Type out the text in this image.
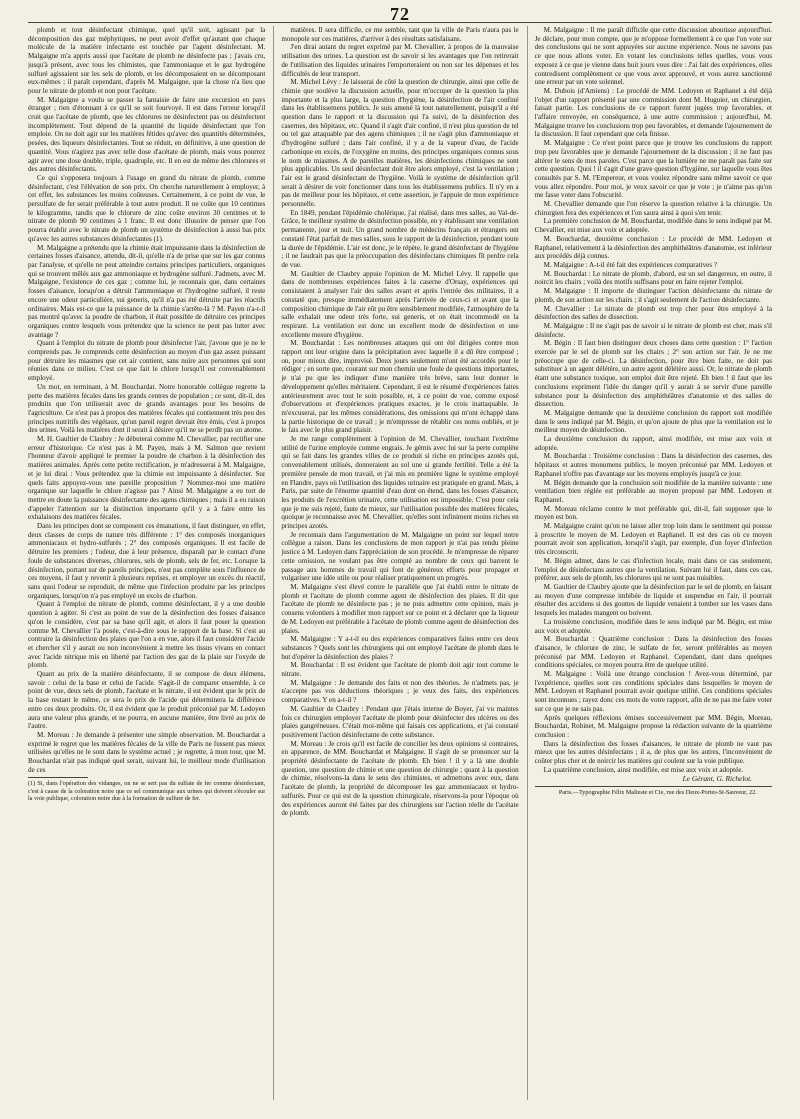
72

plomb et tout désinfectant chimique, quel qu'il soit, agissant par la décomposition des gaz méphytiques, ne peut avoir d'effet qu'autant que chaque molécule de la matière infectante est touchée par l'agent désinfectant. M. Malgaigne m'a appris aussi que l'acétate de plomb ne désinfecte pas ; j'avais cru, jusqu'à présent, avec tous les chimistes, que l'ammoniaque et le gaz hydrogène sulfuré agissaient sur les sels de plomb, et les décomposaient en se décomposant eux-mêmes ; il paraît cependant, d'après M. Malgaigne, que la chose n'a lieu que pour le nitrate de plomb et non pour l'acétate.

M. Malgaigne a voulu se passer la fantaisie de faire une excursion en pays étranger ; rien d'étonnant à ce qu'il se soit fourvoyé. Il est dans l'erreur lorsqu'il croit que l'acétate de plomb, que les chlorures ne désinfectent pas ou désinfectent incomplètement. Tout dépend de la quantité du liquide désinfectant que l'on emploie. On ne doit agir sur les matières fétides qu'avec des quantités déterminées, pesées, des liqueurs désinfectantes. Tout se réduit, en définitive, à une question de quantité. Vous n'agirez pas avec telle dose d'acétate de plomb, mais vous pourrez agir avec une dose double, triple, quadruple, etc. Il en est de même des chlorures et des autres désinfectants.

Ce qui s'opposera toujours à l'usage en grand du nitrate de plomb, comme désinfectant, c'est l'élévation de son prix. On cherche naturellement à employer, à cet effet, les substances les moins coûteuses. Certainement, à ce point de vue, le persulfate de fer serait préférable à tout autre produit. Il ne coûte que 10 centimes le kilogramme, tandis que le chlorure de zinc coûte environ 30 centimes et le nitrate de plomb 90 centimes à 1 franc. Il est donc illusoire de penser que l'on pourra établir avec le nitrate de plomb un système de désinfection à aussi bas prix qu'avec les autres substances désinfectantes (1).

M. Malgaigne a prétendu que la chimie était impuissante dans la désinfection de certaines fosses d'aisance, attendu, dit-il, qu'elle n'a de prise que sur les gaz connus par l'analyse, et qu'elle ne peut atteindre certains principes particuliers, organiques qui se trouvent mêlés aux gaz ammoniaque et hydrogène sulfuré. J'admets, avec M. Malgaigne, l'existence de ces gaz ; comme lui, je reconnais que, dans certaines fosses d'aisance, lorsqu'on a détruit l'ammoniaque et l'hydrogène sulfuré, il reste encore une odeur particulière, sui generis, qu'il n'a pas été détruite par les réactifs ordinaires. Mais est-ce que la puissance de la chimie s'arrête-là ? M. Payen n'a-t-il pas montré qu'avec la poudre de charbon, il était possible de détruire ces principes organiques contre lesquels vous prétendez que la science ne peut pas lutter avec avantage ?

Quant à l'emploi du nitrate de plomb pour désinfecter l'air, j'avoue que je ne le comprends pas. Je comprends cette désinfection au moyen d'un gaz assez puissant pour détruire les miasmes que cet air contient, sans nuire aux personnes qui sont réunies dans ce milieu. C'est ce que fait le chlore lorsqu'il est convenablement employé.

Un mot, en terminant, à M. Bouchardat. Notre honorable collègue regrette la perte des matières fécales dans les grands centres de population ; ce sont, dit-il, des produits que l'on utiliserait avec de grands avantages pour les besoins de l'agriculture. Ce n'est pas à propos des matières fécales qui contiennent très peu des principes nutritifs des végétaux, qu'un pareil regret devrait être émis, c'est à propos des urines. Voilà les matières dont il serait à désirer qu'il ne se perdît pas un atome.

M. H. Gaultier de Claubry : Je débuterai comme M. Chevallier, par rectifier une erreur d'historique. Ce n'est pas à M. Payen, mais à M. Salmon que revient l'honneur d'avoir appliqué le premier la poudre de charbon à la désinfection des matières animales. Après cette petite rectification, je m'adresserai à M. Malgaigne, et je lui dirai : Vous prétendez que la chimie est impuissante à désinfecter. Sur quels faits appuyez-vous une pareille proposition ? Nommez-moi une matière organique sur laquelle le chlore n'agisse pas ? Ainsi M. Malgaigne a eu tort de mettre en doute la puissance désinfectante des agens chimiques ; mais il a eu raison d'appeler l'attention sur la distinction importante qu'il y a à faire entre les exhalaisons des matières fécales.

Dans les principes dont se composent ces émanations, il faut distinguer, en effet, deux classes de corps de nature très différente : 1° des composés inorganiques ammoniacaux et hydro-sulfurés ; 2° des composés organiques. Il est facile de détruire les premiers ; l'odeur, due à leur présence, disparaît par le contact d'une foule de substances diverses, chlorures, sels de plomb, sels de fer, etc. Lorsque la désinfection, portant sur de pareils principes, n'est pas complète sous l'influence de ces moyens, il faut y revenir à plusieurs reprises, et employer un excès du réactif, sans quoi l'odeur se reproduit, de même que l'infection produite par les principes organiques, lorsqu'on n'a pas employé un excès de charbon.

Quant à l'emploi du nitrate de plomb, comme désinfectant, il y a une double question à agiter. Si c'est au point de vue de la désinfection des fosses d'aisance qu'on le considère, c'est par sa base qu'il agit, et alors il faut poser la question comme M. Chevallier l'a posée, c'est-à-dire sous le rapport de la base. Si c'est au contraire la désinfection des plaies que l'on a en vue, alors il faut considérer l'acide et chercher s'il y aurait ou non inconvénient à mettre les tissus vivans en contact avec l'acide nitrique mis en liberté par l'action des gaz de la plaie sur l'oxyde de plomb.

Quant au prix de la matière désinfectante, il se compose de deux élémens, savoir : celui de la base et celui de l'acide. S'agit-il de comparer ensemble, à ce point de vue, deux sels de plomb, l'acétate et le nitrate, il est évident que le prix de la base restant le même, ce sera le prix de l'acide qui déterminera la différence entre ces deux produits. Or, il est évident que le produit préconisé par M. Ledoyen aura une valeur plus grande, et ne pourra, en aucune manière, être livré au prix de l'autre.

M. Moreau : Je demande à présenter une simple observation. M. Bouchardat a exprimé le regret que les matières fécales de la ville de Paris ne fussent pas mieux utilisées qu'elles ne le sont dans le système actuel ; je regrette, à mon tour, que M. Bouchardat n'ait pas indiqué quel serait, suivant lui, le meilleur mode d'utilisation de ces

(1) Si, dans l'opération des vidanges, on ne se sert pas du sulfate de fer comme désinfectant, c'est à cause de la coloration noire que ce sel communique aux urines qui doivent s'écouler sur la voie publique, coloration noire due à la formation de sulfure de fer.

matières. Il sera difficile, ce me semble, tant que la ville de Paris n'aura pas le monopole sur ces matières, d'arriver à des résultats satisfaisans.

J'en dirai autant du regret exprimé par M. Chevallier, à propos de la mauvaise utilisation des urines. La question est de savoir si les avantages que l'on retirerait de l'utilisation des liquides urinaires l'emporteraient ou non sur les dépenses et les difficultés de leur transport.

M. Michel Lévy : Je laisserai de côté la question de chirurgie, ainsi que celle de chimie que soulève la discussion actuelle, pour m'occuper de la question la plus importante et la plus large, la question d'hygiène, la désinfection de l'air confiné dans les établissemens publics. Je suis amené là tout naturellement, puisqu'il a été question dans le rapport et la discussion qui l'a suivi, de la désinfection des casernes, des hôpitaux, etc. Quand il s'agit d'air confiné, il n'est plus question de tel ou tel gaz attaquable par des agens chimiques ; il ne s'agit plus d'ammoniaque et d'hydrogène sulfuré ; dans l'air confiné, il y a de la vapeur d'eau, de l'acide carbonique en excès, de l'oxygène en moins, des principes organiques connus sous le nom de miasmes. A de pareilles matières, les désinfections chimiques ne sont plus applicables. Un seul désinfectant doit être alors employé, c'est la ventilation ; l'air est le grand désinfectant de l'hygiène. Voilà le système de désinfection qu'il serait à désirer de voir fonctionner dans tous les établissemens publics. Il n'y en a pas de meilleur pour les hôpitaux, et cette assertion, je l'appuie de mon expérience personnelle.

En 1849, pendant l'épidémie cholérique, j'ai réalisé, dans mes salles, au Val-de-Grâce, le meilleur système de désinfection possible, en y établissant une ventilation permanente, jour et nuit. Un grand nombre de médecins français et étrangers ont constaté l'état parfait de mes salles, sous le rapport de la désinfection, pendant toute la durée de l'épidémie. L'air est donc, je le répète, le grand désinfectant de l'hygiène ; il ne faudrait pas que la préoccupation des désinfectans chimiques fît perdre cela de vue.

M. Gaultier de Claubry appuie l'opinion de M. Michel Lévy. Il rappelle que dans de nombreuses expériences faites à la caserne d'Orsay, expériences qui consistaient à analyser l'air des salles avant et après l'entrée des militaires, il a constaté que, presque immédiatement après l'arrivée de ceux-ci et avant que la composition chimique de l'air eût pu être sensiblement modifiée, l'atmosphère de la salle exhalait une odeur très forte, sui generis, et on était incommodé en la respirant. La ventilation est donc un excellent mode de désinfection et une excellente mesure d'hygiène.

M. Bouchardat : Les nombreuses attaques qui ont été dirigées contre mon rapport ont leur origine dans la précipitation avec laquelle il a dû être composé ; on, pour mieux dire, improvisé. Deux jours seulement m'ont été accordés pour le rédiger ; en sorte que, courant sur mon chemin une foule de questions importantes, je n'ai pu que les indiquer d'une manière très brève, sans leur donner le développement qu'elles méritaient. Cependant, il est le résumé d'expériences faites antérieurement avec tout le soin possible, et, à ce point de vue, comme exposé d'observations et d'expériences pratiques exactes, je le crois inattaquable. Je m'excuserai, par les mêmes considérations, des omissions qui m'ont échappé dans la partie historique de ce travail ; je m'empresse de rétablir ces noms oubliés, et je le fais avec le plus grand plaisir.

Je me range complètement à l'opinion de M. Chevallier, touchant l'extrême utilité de l'urine employée comme engrais. Je gémis avec lui sur la perte complète qui se fait dans les grandes villes de ce produit si riche en principes azotés qui, convenablement utilisés, donneraient au sol une si grande fertilité. Telle a été la première pensée de mon travail, et j'ai mis en première ligne le système employé en Flandre, pays où l'utilisation des liquides urinaire est pratiquée en grand. Mais, à Paris, par suite de l'énorme quantité d'eau dont on étend, dans les fosses d'aisance, les produits de l'excrétion urinaire, cette utilisation est impossible. C'est pour cela que je me suis rejeté, faute de mieux, sur l'utilisation possible des matières fécales, quoique je reconnaisse avec M. Chevallier, qu'elles sont infiniment moins riches en principes azotés.

Je reconnais dans l'argumentation de M. Malgaigne un point sur lequel notre collègue a raison. Dans les conclusions de mon rapport je n'ai pas rendu pleine justice à M. Ledoyen dans l'appréciation de son procédé. Je m'empresse de réparer cette omission, ne voulant pas être compté au nombre de ceux qui barrent le passage aux hommes de travail qui font de généreux efforts pour propager et vulgariser une idée utile ou pour réaliser pratiquement un progrès.

M. Malgaigne s'est élevé contre le parallèle que j'ai établi entre le nitrate de plomb et l'acétate de plomb comme agent de désinfection des plaies. Il dit que l'acétate de plomb ne désinfecte pas ; je ne puis admettre cette opinion, mais je consens volontiers à modifier mon rapport sur ce point et à déclarer que la liqueur de M. Ledoyen est préférable à l'acétate de plomb comme agent de désinfection des plaies.

M. Malgaigne : Y a-t-il eu des expériences comparatives faites entre ces deux substances ? Quels sont les chirurgiens qui ont employé l'acétate de plomb dans le but d'opérer la désinfection des plaies ?

M. Bouchardat : Il est évident que l'acétate de plomb doit agir tout comme le nitrate.

M. Malgaigne : Je demande des faits et non des théories. Je n'admets pas, je n'accepte pas vos déductions théoriques ; je veux des faits, des expériences comparatives. Y en a-t-il ?

M. Gaultier de Claubry : Pendant que j'étais interne de Boyer, j'ai vu maintes fois ce chirurgien employer l'acétate de plomb pour désinfecter des ulcères ou des plaies gangréneuses. C'était moi-même qui faisais ces applications, et j'ai constaté positivement l'action désinfectante de cette substance.

M. Moreau : Je crois qu'il est facile de concilier les deux opinions si contraires, en apparence, de MM. Bouchardat et Malgaigne. Il s'agit de se prononcer sur la propriété désinfectante de l'acétate de plomb. Eh bien ! il y a là une double question, une question de chimie et une question de chirurgie ; quant à la question de chimie, résolvons-la dans le sens des chimistes, et admettons avec eux, dans l'acétate de plomb, la propriété de décomposer les gaz ammoniacaux et hydro-sulfurés. Pour ce qui est de la question chirurgicale, réservons-la pour l'époque où des expériences auront été faites par des chirurgiens sur l'action réelle de l'acétate de plomb.

M. Malgaigne : Il me paraît difficile que cette discussion aboutisse aujourd'hui. Je déclare, pour mon compte, que je m'oppose formellement à ce que l'on vote sur des conclusions qui ne sont appuyées sur aucune expérience. Nous ne savons pas ce que nous allons voter. En votant les conclusions telles quelles, vous vous exposez à ce que je vienne dans huit jours vous dire : J'ai fait des expériences, elles contredisent complètement ce que vous avez approuvé, et vous aurez sanctionné une erreur par un vote solennel.

M. Dubois (d'Amiens) : Le procédé de MM. Ledoyen et Raphanel a été déjà l'objet d'un rapport présenté par une commission dont M. Huguier, un chirurgien, faisait partie. Les conclusions de ce rapport furent jugées trop favorables, et l'affaire renvoyée, en conséquence, à une autre commission ; aujourd'hui, M. Malgaigne trouve les conclusions trop peu favorables, et demande l'ajournement de la discussion. Il faut cependant que cela finisse.

M. Malgaigne : Ce n'est point parce que je trouve les conclusions du rapport trop peu favorables que je demande l'ajournement de la discussion ; il ne faut pas altérer le sens de mes paroles. C'est parce que la lumière ne me paraît pas faite sur cette question. Quoi ! il s'agit d'une grave question d'hygiène, sur laquelle vous êtes consultés par S. M. l'Empereur, et vous voulez répondre sans même savoir ce que vous allez répondre. Pour moi, je veux savoir ce que je vote ; je n'aime pas qu'on me fasse voter dans l'obscurité.

M. Chevallier demande que l'on réserve la question relative à la chirurgie. Un chirurgien fera des expériences et l'on saura ainsi à quoi s'en tenir.

La première conclusion de M. Bouchardat, modifiée dans le sens indiqué par M. Chevallier, est mise aux voix et adoptée.

M. Bouchardat, deuxième conclusion : Le procédé de MM. Ledoyen et Raphanel, relativement à la désinfection des amphithéâtres d'anatomie, est inférieur aux procédés déjà connus.

M. Malgaigne : A-t-il été fait des expériences comparatives ?

M. Bouchardat : Le nitrate de plomb, d'abord, est un sel dangereux, en outre, il noircit les chairs ; voilà des motifs suffisans pour en faire rejeter l'emploi.

M. Malgaigne : Il importe de distinguer l'action désinfectante du nitrate de plomb, de son action sur les chairs ; il s'agit seulement de l'action désinfectante.

M. Chevallier : Le nitrate de plomb est trop cher pour être employé à la désinfection des salles de dissection.

M. Malgaigne : Il ne s'agit pas de savoir si le nitrate de plomb est cher, mais s'il désinfecte.

M. Bégin : Il faut bien distinguer deux choses dans cette question : 1° l'action exercée par le sel de plomb sur les chairs ; 2° son action sur l'air. Je ne me préoccupe que de celle-ci. La désinfection, pour être bien faite, ne doit pas substituer à un agent délétère, un autre agent délétère aussi. Or, le nitrate de plomb étant une substance toxique, son emploi doit être rejeté. Eh bien ! il faut que les conclusions expriment l'idée du danger qu'il y aurait à se servir d'une pareille substance pour la désinfection des amphithéâtres d'anatomie et des salles de dissection.

M. Malgaigne demande que la deuxième conclusion du rapport soit modifiée dans le sens indiqué par M. Bégin, et qu'on ajoute de plus que la ventilation est le meilleur moyen de désinfection.

La deuxième conclusion du rapport, ainsi modifiée, est mise aux voix et adoptée.

M. Bouchardat : Troisième conclusion : Dans la désinfection des casernes, des hôpitaux et autres monumens publics, le moyen préconisé par MM. Ledoyen et Raphanel n'offre pas d'avantage sur les moyens employés jusqu'à ce jour.

M. Bégin demande que la conclusion soit modifiée de la manière suivante : une ventilation bien réglée est préférable au moyen proposé par MM. Ledoyen et Raphanel.

M. Moreau réclame contre le mot préférable qui, dit-il, fait supposer que le moyen est bon.

M. Malgaigne craint qu'on ne laisse aller trop loin dans le sentiment qui pousse à proscrire le moyen de M. Ledoyen et Raphanel. Il est des cas où ce moyen pourrait avoir son application, lorsqu'il s'agit, par exemple, d'un foyer d'infection très circonscrit.

M. Bégin admet, dans le cas d'infection locale, mais dans ce cas seulement, l'emploi de désinfectans autres que la ventilation. Suivant lui il faut, dans ces cas, préférer, aux sels de plomb, les chlorures qui ne sont pas nuisibles.

M. Gaultier de Claubry ajoute que la désinfection par le sel de plomb, en faisant au moyen d'une compresse imbibée de liquide et suspendue en l'air, il pourrait résulter des accidens si des gouttes de liquide venaient à tomber sur les vases dans lesquels les malades mangent ou boivent.

La troisième conclusion, modifiée dans le sens indiqué par M. Bégin, est mise aux voix et adoptée.

M. Bouchardat : Quatrième conclusion : Dans la désinfection des fosses d'aisance, le chlorure de zinc, le sulfate de fer, seront préférables au moyen préconisé par MM. Ledoyen et Raphanel. Cependant, dant dans quelques conditions spéciales, ce moyen pourra être de quelque utilité.

M. Malgaigne : Voilà une étrange conclusion ! Avez-vous déterminé, par l'expérience, quelles sont ces conditions spéciales dans lesquelles le moyen de MM. Ledoyen et Raphanel pourrait avoir quelque utilité. Ces conditions spéciales sont inconnues ; rayez donc ces mots de votre rapport, afin de ne pas me faire voter sur ce que je ne sais pas.

Après quelques réflexions émises successivement par MM. Bégin, Moreau, Bouchardat, Robinet, M. Malgaigne propose la rédaction suivante de la quatrième conclusion :

Dans la désinfection des fosses d'aisances, le nitrate de plomb ne vaut pas mieux que les autres désinfectans ; il a, de plus que les autres, l'inconvénient de coûter plus cher et de noircir les matières qui coulent sur la voie publique.

La quatrième conclusion, ainsi modifiée, est mise aux voix et adoptée.

Le Gérant, G. Richelot.

Paris.—Typographie Félix Malteste et Cie, rue des Deux-Portes-St-Sauveur, 22.
